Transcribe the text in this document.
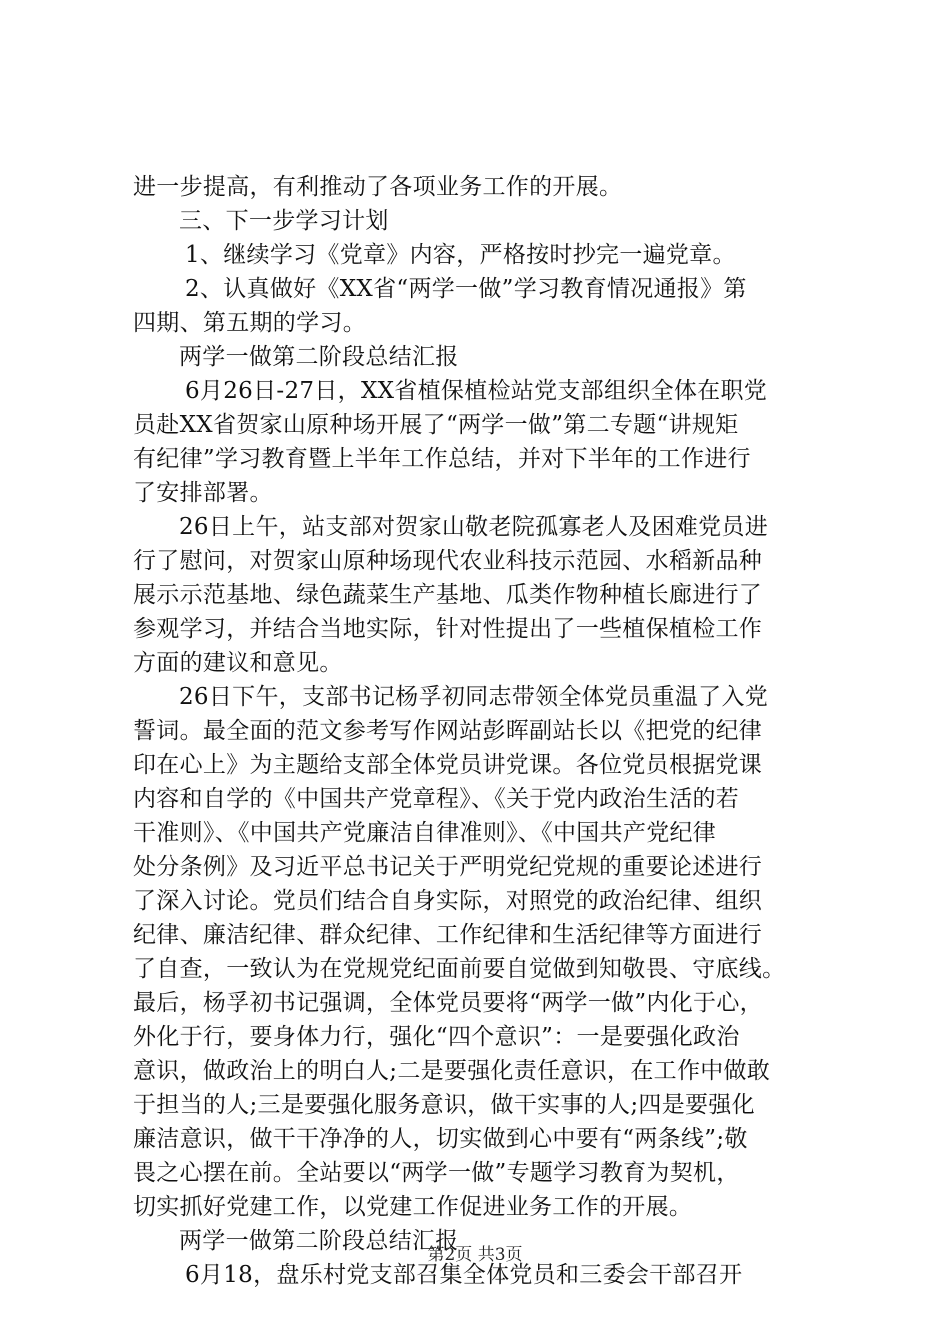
进一步提高，有利推动了各项业务工作的开展。
三、下一步学习计划
1、继续学习《党章》内容，严格按时抄完一遍党章。
2、认真做好《XX省“两学一做”学习教育情况通报》第
四期、第五期的学习。
两学一做第二阶段总结汇报
6月26日-27日，XX省植保植检站党支部组织全体在职党
员赴XX省贺家山原种场开展了“两学一做”第二专题“讲规矩
有纪律”学习教育暨上半年工作总结，并对下半年的工作进行
了安排部署。
26日上午，站支部对贺家山敬老院孤寡老人及困难党员进
行了慰问，对贺家山原种场现代农业科技示范园、水稻新品种
展示示范基地、绿色蔬菜生产基地、瓜类作物种植长廊进行了
参观学习，并结合当地实际，针对性提出了一些植保植检工作
方面的建议和意见。
26日下午，支部书记杨孚初同志带领全体党员重温了入党
誓词。最全面的范文参考写作网站彭晖副站长以《把党的纪律
印在心上》为主题给支部全体党员讲党课。各位党员根据党课
内容和自学的《中国共产党章程》、《关于党内政治生活的若
干准则》、《中国共产党廉洁自律准则》、《中国共产党纪律
处分条例》及习近平总书记关于严明党纪党规的重要论述进行
了深入讨论。党员们结合自身实际，对照党的政治纪律、组织
纪律、廉洁纪律、群众纪律、工作纪律和生活纪律等方面进行
了自查，一致认为在党规党纪面前要自觉做到知敬畏、守底线。
最后，杨孚初书记强调，全体党员要将“两学一做”内化于心，
外化于行，要身体力行，强化“四个意识”：一是要强化政治
意识，做政治上的明白人;二是要强化责任意识，在工作中做敢
于担当的人;三是要强化服务意识，做干实事的人;四是要强化
廉洁意识，做干干净净的人，切实做到心中要有“两条线”;敬
畏之心摆在前。全站要以“两学一做”专题学习教育为契机，
切实抓好党建工作，以党建工作促进业务工作的开展。
两学一做第二阶段总结汇报
6月18，盘乐村党支部召集全体党员和三委会干部召开
第2页 共3页
